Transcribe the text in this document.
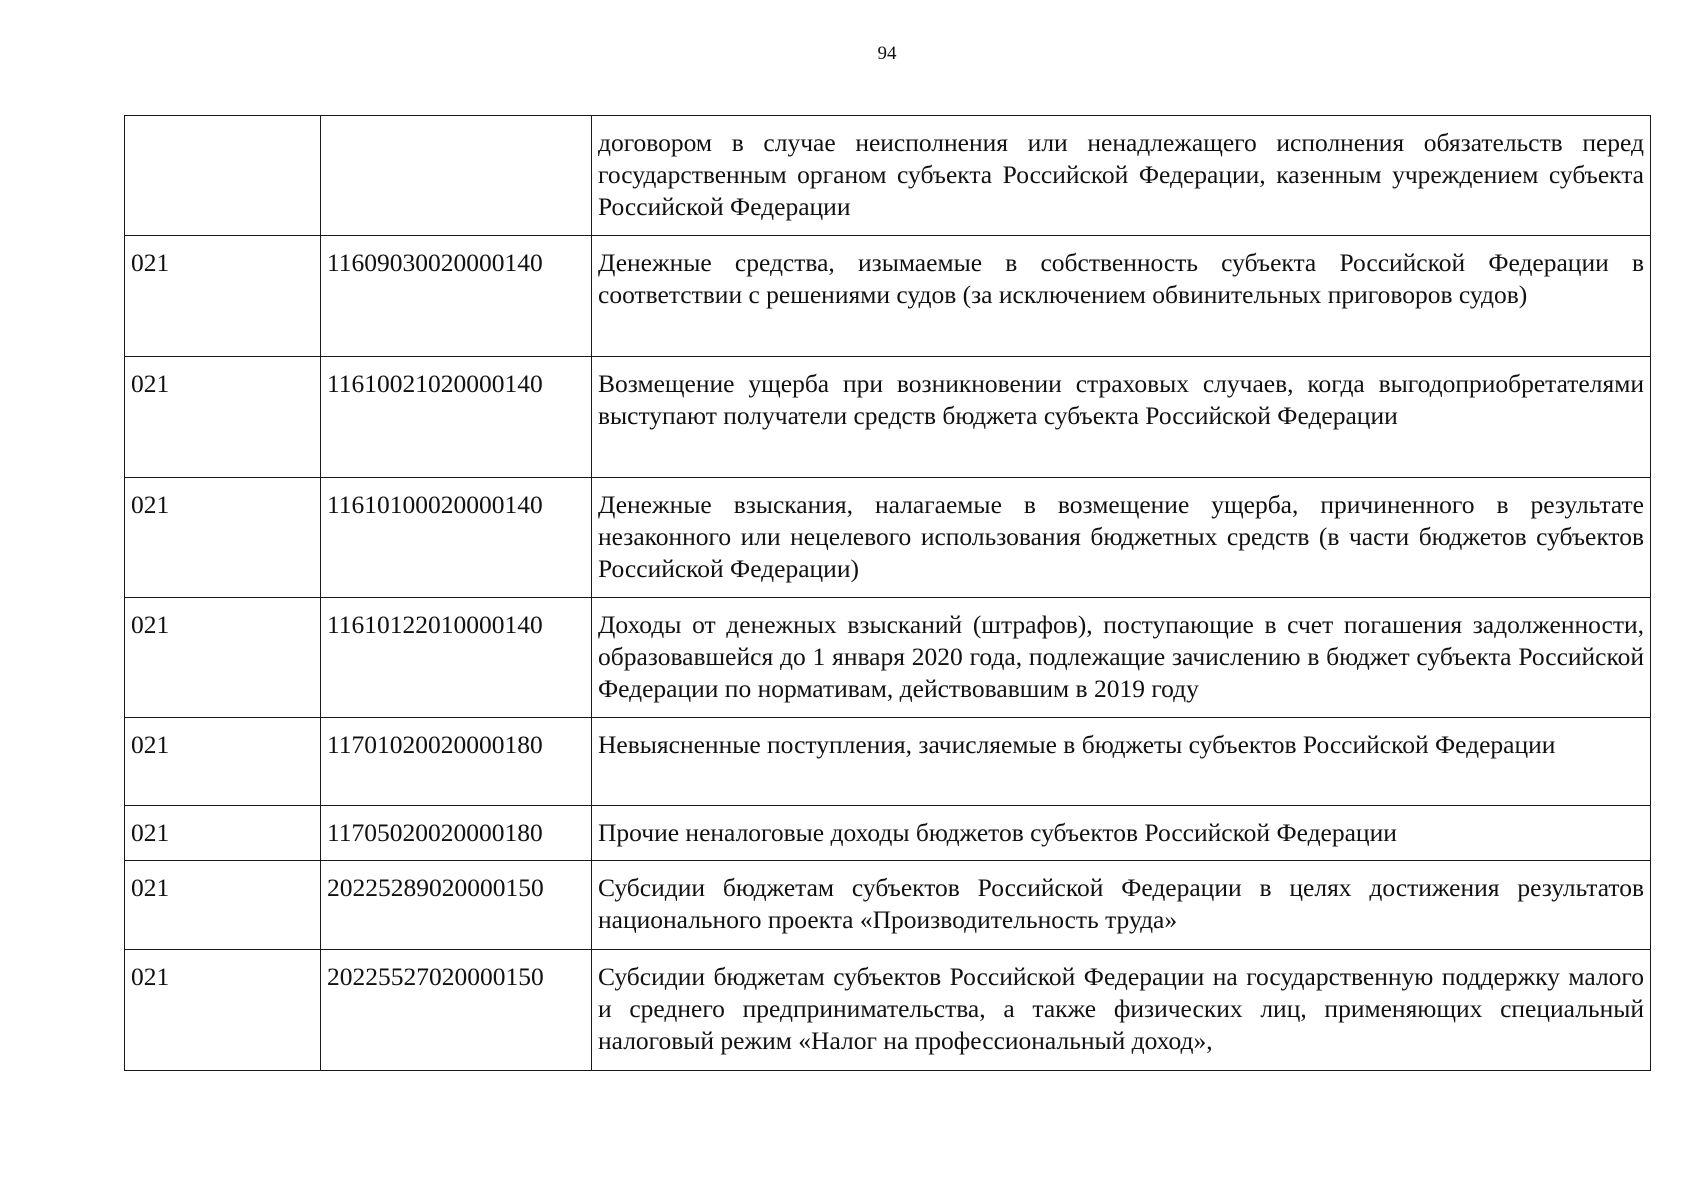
94
		договором в случае неисполнения или ненадлежащего исполнения обязательств перед государственным органом субъекта Российской Федерации, казенным учреждением субъекта Российской Федерации
021	11609030020000140	Денежные средства, изымаемые в собственность субъекта Российской Федерации в соответствии с решениями судов (за исключением обвинительных приговоров судов)
021	11610021020000140	Возмещение ущерба при возникновении страховых случаев, когда выгодоприобретателями выступают получатели средств бюджета субъекта Российской Федерации
021	11610100020000140	Денежные взыскания, налагаемые в возмещение ущерба, причиненного в результате незаконного или нецелевого использования бюджетных средств (в части бюджетов субъектов Российской Федерации)
021	11610122010000140	Доходы от денежных взысканий (штрафов), поступающие в счет погашения задолженности, образовавшейся до 1 января 2020 года, подлежащие зачислению в бюджет субъекта Российской Федерации по нормативам, действовавшим в 2019 году
021	11701020020000180	Невыясненные поступления, зачисляемые в бюджеты субъектов Российской Федерации
021	11705020020000180	Прочие неналоговые доходы бюджетов субъектов Российской Федерации
021	20225289020000150	Субсидии бюджетам субъектов Российской Федерации в целях достижения результатов национального проекта «Производительность труда»
021	20225527020000150	Субсидии бюджетам субъектов Российской Федерации на государственную поддержку малого и среднего предпринимательства, а также физических лиц, применяющих специальный налоговый режим «Налог на профессиональный доход»,
